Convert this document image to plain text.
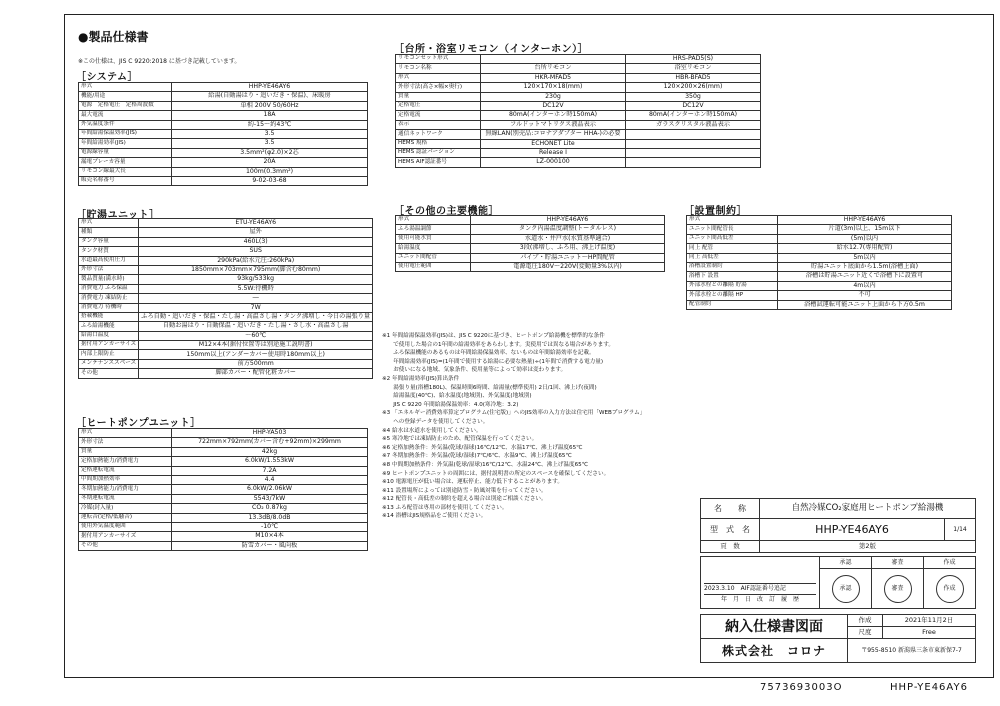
●製品仕様書
※この仕様は、JIS C 9220:2018 に基づき記載しています。
［システム］
形式	HHP-YE46AY6
機能/用途	給湯(自動湯はり・追いだき・保温)、床暖房
電源　定格電圧　定格周波数	単相 200V 50/60Hz
最大電流	18A
外気温度条件	約-15〜約43℃
年間給湯保温効率(JIS)	3.5
年間給湯効率(JIS)	3.5
電源線容量	3.5mm²(φ2.0)×2芯
漏電ブレーカ容量	20A
リモコン線最大長	100m(0.3mm²)
販売名称番号	9-02-03-68
［貯湯ユニット］
形式	ETU-YE46AY6
種類	屋外
タンク容量	460L(3)
タンク材質	SUS
水道最高使用圧力	290kPa(給水元圧:260kPa)
外形寸法	1850mm×703mm×795mm(脚含む80mm)
製品質量(満水時)	93kg/533kg
消費電力 ふろ保温	5.5W:待機時
消費電力 凍結防止	―
消費電力 待機時	7W
搭載機能	ふろ自動・追いだき・保温・たし湯・高温さし湯・タンク沸増し・今日の湯張り量
ふろ給湯機能	自動お湯はり・自動保温・追いだき・たし湯・さし水・高温さし湯
給湯口温度	〜60℃
据付用アンカーサイズ	M12×4本(据付位置等は別途施工説明書)
内部上限防止	150mm以上(アンダーカバー使用時180mm以上)
メンテナンススペース	前方500mm
その他	脚部カバー・配管化粧カバー
［ヒートポンプユニット］
形式	HHP-YA503
外形寸法	722mm×792mm(カバー含む+92mm)×299mm
質量	42kg
定格加熱能力/消費電力	6.0kW/1.553kW
定格運転電流	7.2A
中間期加熱効率	4.4
冬期加熱能力/消費電力	6.0kW/2.06kW
冬期運転電流	5543/7kW
冷媒(封入量)	CO₂ 0.87kg
運転音(定格/低騒音)	13.3dB/8.0dB
使用外気温度範囲	-10℃
据付用アンカーサイズ	M10×4本
その他	防雪カバー・風向板
［台所・浴室リモコン（インターホン）］
リモコンセット形式		HRS-PAD5(S)
リモコン名称	台所リモコン	浴室リモコン
形式	HKR-MFAD5	HBR-BFAD5
外形寸法(高さ×幅×奥行)	120×170×18(mm)	120×200×26(mm)
質量	230g	350g
定格電圧	DC12V	DC12V
定格電流	80mA(インターホン時150mA)	80mA(インターホン時150mA)
表示	フルドットマトリクス液晶表示	ガラスクリスタル液晶表示
通信ネットワーク	無線LAN(別売品:コロナアダプター HHA-)の必要	
HEMS 規格	ECHONET Lite	
HEMS 認証バージョン	Release I	
HEMS AIF認証番号	LZ-000100	
［その他の主要機能］
形式	HHP-YE46AY6
ふろ湯温調節	タンク内湯温度調整(トータルレス)
使用可能水質	水道水・井戸水(水質基準適合)
給湯温度	3段(沸増し、ふろ用、沸上げ温度)
ユニット間配管	パイプ・貯湯ユニット〜HP間配管
使用電圧範囲	電源電圧180V〜220V(変動量3%以内)
［設置制約］
形式	HHP-YE46AY6
ユニット間配管長	片道(3m)以上、15m以下
ユニット間高低差	(5m)以内
同上 配管	給水12.7(専用配管)
同上 高低差	5m以内
浴槽設置制約	貯湯ユニット底面から1.5m(浴槽上面)
浴槽下 設置	浴槽は貯湯ユニット近くで浴槽下に設置可
外部水栓との離隔 貯湯	4m以内
外部水栓との離隔 HP	不可
配管制約	浴槽試運転可能ユニット上面から下方0.5m
※1 年間給湯保温効率(JIS)は、JIS C 9220に基づき、ヒートポンプ給湯機を標準的な条件
　　で使用した場合の1年間の給湯効率をあらわします。実使用では異なる場合があります。
　　ふろ保温機能のあるものは年間給湯保温効率、ないものは年間給湯効率を記載。
　　年間給湯効率(JIS)=(1年間で使用する給湯に必要な熱量)÷(1年間で消費する電力量)
　　お使いになる地域、気象条件、使用量等によって効率は変わります。
※2 年間給湯効率(JIS)算出条件
　　湯張り量(浴槽180L)、保温時間6時間、給湯量(標準使用) 2日/1回、沸上げ(夜間)
　　給湯温度(40℃)、給水温度(地域別)、外気温度(地域別)
　　JIS C 9220 年間給湯保温効率：4.0(寒冷地：3.2)
※3 「エネルギー消費効率算定プログラム(住宅版)」へのJIS効率の入力方法は住宅用「WEBプログラム」
　　への登録データを使用してください。
※4 給水は水道水を使用してください。
※5 寒冷地では凍結防止のため、配管保温を行ってください。
※6 定格加熱条件：外気温(乾球/湿球)16℃/12℃、水温17℃、沸上げ温度65℃
※7 冬期加熱条件：外気温(乾球/湿球)7℃/6℃、水温9℃、沸上げ温度65℃
※8 中間期加熱条件：外気温(乾球/湿球)16℃/12℃、水温24℃、沸上げ温度65℃
※9 ヒートポンプユニットの周囲には、据付説明書の所定のスペースを確保してください。
※10 電源電圧が低い場合は、運転停止、能力低下することがあります。
※11 設置場所によっては別途防雪・防風対策を行ってください。
※12 配管長・高低差の制約を超える場合は別途ご相談ください。
※13 ふろ配管は専用の部材を使用してください。
※14 浴槽はJIS規格品をご使用ください。
名　　称	自然冷媒CO₂家庭用ヒートポンプ給湯機	
型　式　名	HHP-YE46AY6	1/14
頁　数	第2版	
2023.3.10　 AIF認証番号追記
年　月　日　 改　訂　履　歴	承認	審査	作成
	承認	審査	作成
納入仕様書図面	作成	2021年11月2日
	尺度	Free
株式会社　コロナ	〒955-8510 新潟県三条市東新保7-7	
7573693003O	HHP-YE46AY6
